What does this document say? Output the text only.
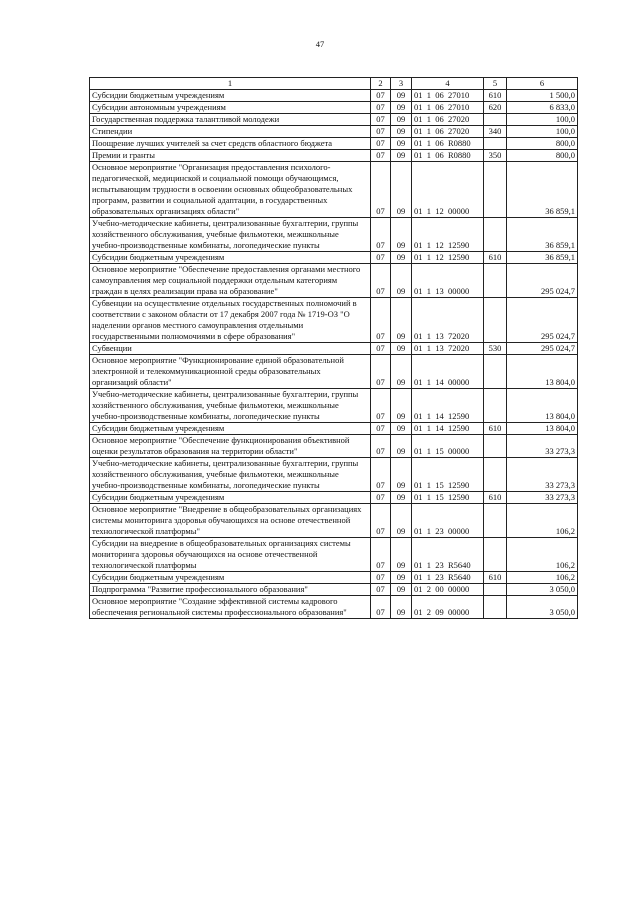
47
1	2	3	4	5	6
Субсидии бюджетным учреждениям	07	09	01  1  06  27010	610	1 500,0
Субсидии автономным учреждениям	07	09	01  1  06  27010	620	6 833,0
Государственная поддержка талантливой молодежи	07	09	01  1  06  27020		100,0
Стипендии	07	09	01  1  06  27020	340	100,0
Поощрение лучших учителей за счет средств областного бюджета	07	09	01  1  06  R0880		800,0
Премии и гранты	07	09	01  1  06  R0880	350	800,0
Основное мероприятие "Организация предоставления психолого-педагогической, медицинской и социальной помощи обучающимся, испытывающим трудности в освоении основных общеобразовательных программ, развитии и социальной адаптации, в государственных образовательных организациях области"	07	09	01  1  12  00000		36 859,1
Учебно-методические кабинеты, централизованные бухгалтерии, группы хозяйственного обслуживания, учебные фильмотеки, межшкольные учебно-производственные комбинаты, логопедические пункты	07	09	01  1  12  12590		36 859,1
Субсидии бюджетным учреждениям	07	09	01  1  12  12590	610	36 859,1
Основное мероприятие "Обеспечение предоставления органами местного самоуправления мер социальной поддержки отдельным категориям граждан в целях реализации права на образование"	07	09	01  1  13  00000		295 024,7
Субвенции на осуществление отдельных государственных полномочий в соответствии с законом области от 17 декабря 2007 года № 1719-ОЗ "О наделении органов местного самоуправления отдельными государственными полномочиями в сфере образования"	07	09	01  1  13  72020		295 024,7
Субвенции	07	09	01  1  13  72020	530	295 024,7
Основное мероприятие "Функционирование единой образовательной электронной и телекоммуникационной среды образовательных организаций области"	07	09	01  1  14  00000		13 804,0
Учебно-методические кабинеты, централизованные бухгалтерии, группы хозяйственного обслуживания, учебные фильмотеки, межшкольные учебно-производственные комбинаты, логопедические пункты	07	09	01  1  14  12590		13 804,0
Субсидии бюджетным учреждениям	07	09	01  1  14  12590	610	13 804,0
Основное мероприятие "Обеспечение функционирования объективной оценки результатов образования на территории области"	07	09	01  1  15  00000		33 273,3
Учебно-методические кабинеты, централизованные бухгалтерии, группы хозяйственного обслуживания, учебные фильмотеки, межшкольные учебно-производственные комбинаты, логопедические пункты	07	09	01  1  15  12590		33 273,3
Субсидии бюджетным учреждениям	07	09	01  1  15  12590	610	33 273,3
Основное мероприятие "Внедрение в общеобразовательных организациях системы мониторинга здоровья обучающихся на основе отечественной технологической платформы"	07	09	01  1  23  00000		106,2
Субсидии на внедрение в общеобразовательных организациях системы мониторинга здоровья обучающихся на основе отечественной технологической платформы	07	09	01  1  23  R5640		106,2
Субсидии бюджетным учреждениям	07	09	01  1  23  R5640	610	106,2
Подпрограмма "Развитие профессионального образования"	07	09	01  2  00  00000		3 050,0
Основное мероприятие "Создание эффективной системы кадрового обеспечения региональной системы профессионального образования"	07	09	01  2  09  00000		3 050,0
